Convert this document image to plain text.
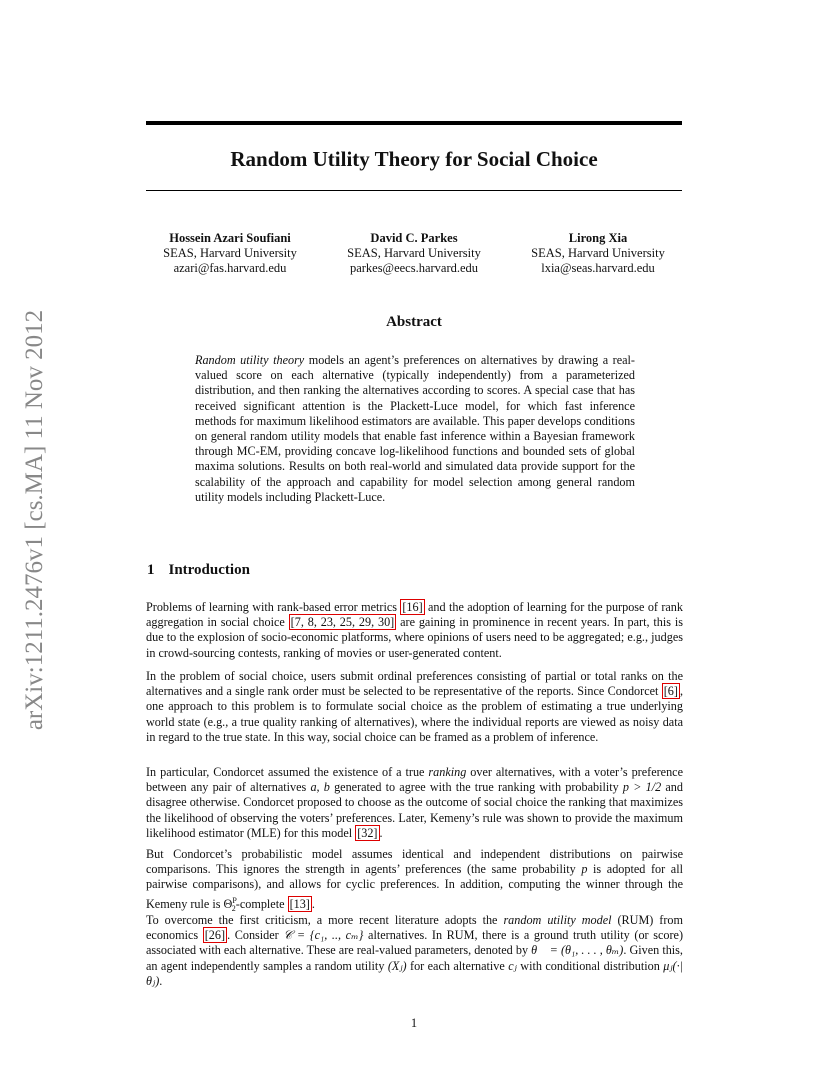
arXiv:1211.2476v1 [cs.MA] 11 Nov 2012
Random Utility Theory for Social Choice
Hossein Azari Soufiani
SEAS, Harvard University
azari@fas.harvard.edu
David C. Parkes
SEAS, Harvard University
parkes@eecs.harvard.edu
Lirong Xia
SEAS, Harvard University
lxia@seas.harvard.edu
Abstract
Random utility theory models an agent’s preferences on alternatives by drawing a real-valued score on each alternative (typically independently) from a parameterized distribution, and then ranking the alternatives according to scores. A special case that has received significant attention is the Plackett-Luce model, for which fast inference methods for maximum likelihood estimators are available. This paper develops conditions on general random utility models that enable fast inference within a Bayesian framework through MC-EM, providing concave log-likelihood functions and bounded sets of global maxima solutions. Results on both real-world and simulated data provide support for the scalability of the approach and capability for model selection among general random utility models including Plackett-Luce.
1 Introduction
Problems of learning with rank-based error metrics [16] and the adoption of learning for the purpose of rank aggregation in social choice [7, 8, 23, 25, 29, 30] are gaining in prominence in recent years. In part, this is due to the explosion of socio-economic platforms, where opinions of users need to be aggregated; e.g., judges in crowd-sourcing contests, ranking of movies or user-generated content.
In the problem of social choice, users submit ordinal preferences consisting of partial or total ranks on the alternatives and a single rank order must be selected to be representative of the reports. Since Condorcet [6] , one approach to this problem is to formulate social choice as the problem of estimating a true underlying world state (e.g., a true quality ranking of alternatives), where the individual reports are viewed as noisy data in regard to the true state. In this way, social choice can be framed as a problem of inference.
In particular, Condorcet assumed the existence of a true ranking over alternatives, with a voter’s preference between any pair of alternatives a, b generated to agree with the true ranking with probability p > 1/2 and disagree otherwise. Condorcet proposed to choose as the outcome of social choice the ranking that maximizes the likelihood of observing the voters’ preferences. Later, Kemeny’s rule was shown to provide the maximum likelihood estimator (MLE) for this model [32] .
But Condorcet’s probabilistic model assumes identical and independent distributions on pairwise comparisons. This ignores the strength in agents’ preferences (the same probability p is adopted for all pairwise comparisons), and allows for cyclic preferences. In addition, computing the winner through the Kemeny rule is $\Theta^P_2$-complete [13] .
To overcome the first criticism, a more recent literature adopts the random utility model (RUM) from economics [26] . Consider 𝒞 = {c₁, .., cₘ} alternatives. In RUM, there is a ground truth utility (or score) associated with each alternative. These are real-valued parameters, denoted by θ⃗ = (θ₁, . . . , θₘ). Given this, an agent independently samples a random utility (Xⱼ) for each alternative cⱼ with conditional distribution μⱼ(·|θⱼ).
1
